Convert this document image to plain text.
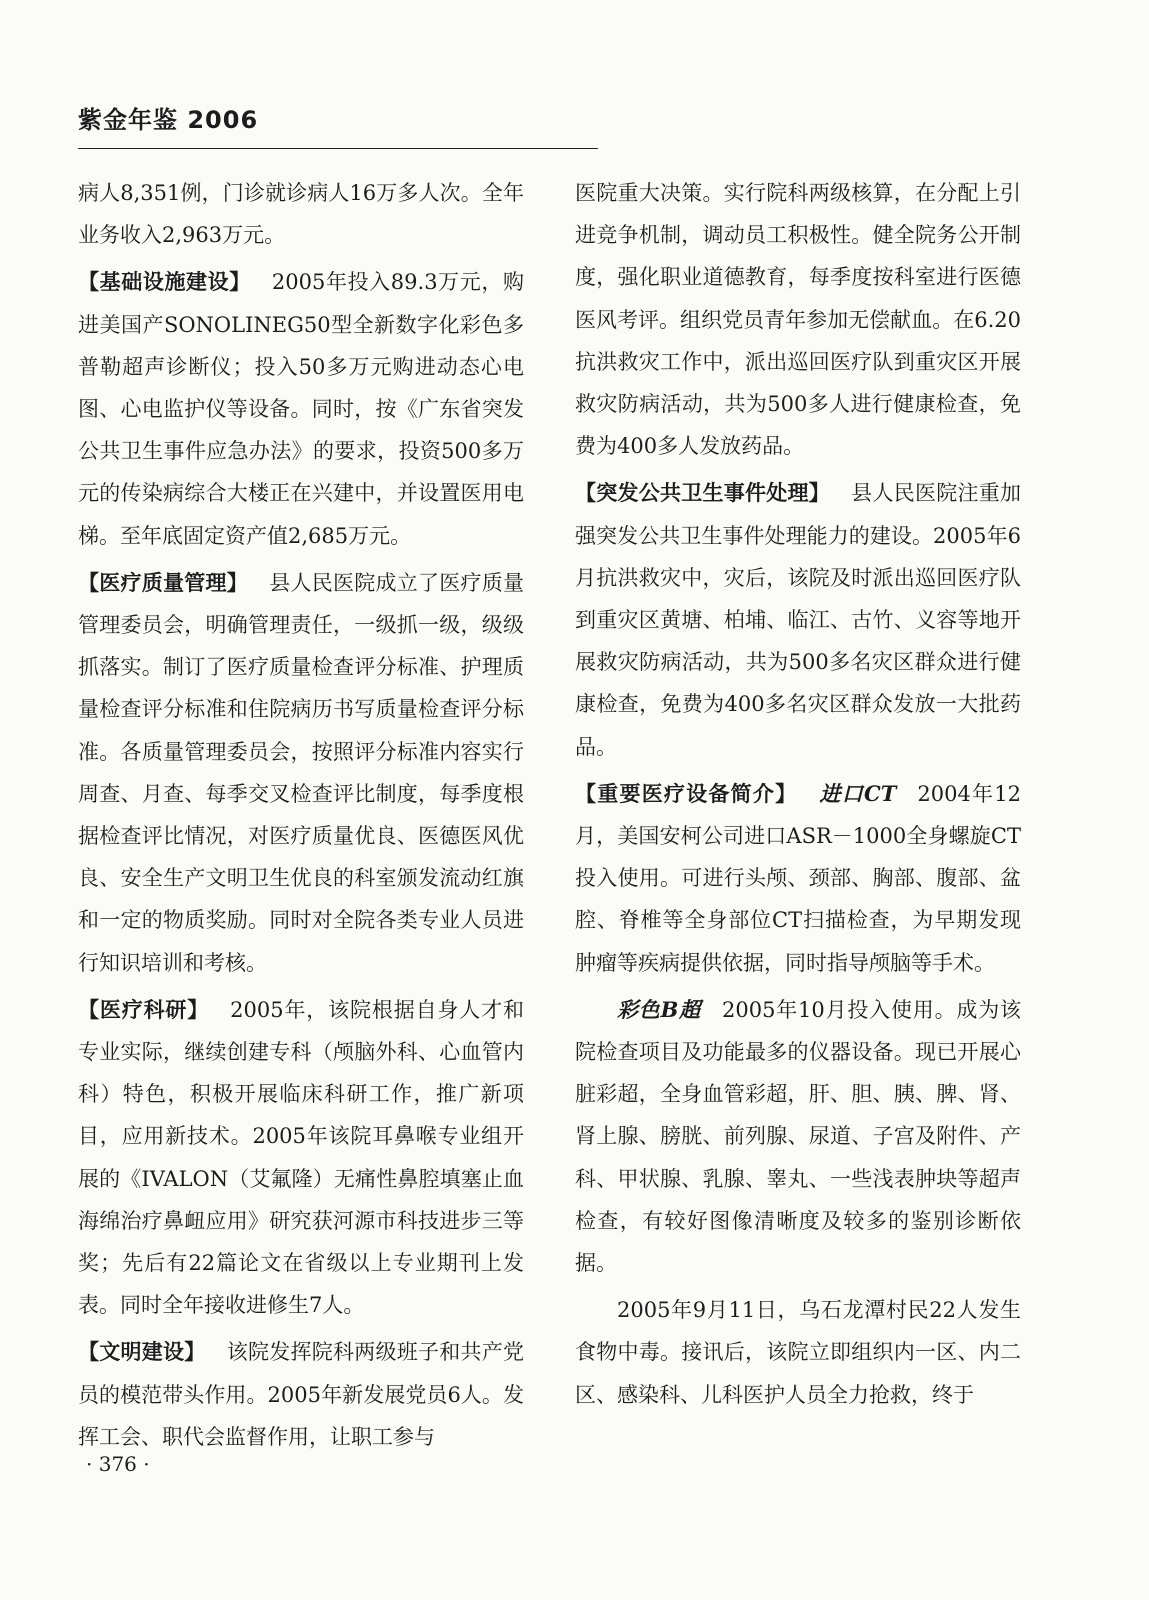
紫金年鉴 2006

病人8,351例，门诊就诊病人16万多人次。全年业务收入2,963万元。

【基础设施建设】  2005年投入89.3万元，购进美国产SONOLINEG50型全新数字化彩色多普勒超声诊断仪；投入50多万元购进动态心电图、心电监护仪等设备。同时，按《广东省突发公共卫生事件应急办法》的要求，投资500多万元的传染病综合大楼正在兴建中，并设置医用电梯。至年底固定资产值2,685万元。

【医疗质量管理】  县人民医院成立了医疗质量管理委员会，明确管理责任，一级抓一级，级级抓落实。制订了医疗质量检查评分标准、护理质量检查评分标准和住院病历书写质量检查评分标准。各质量管理委员会，按照评分标准内容实行周查、月查、每季交叉检查评比制度，每季度根据检查评比情况，对医疗质量优良、医德医风优良、安全生产文明卫生优良的科室颁发流动红旗和一定的物质奖励。同时对全院各类专业人员进行知识培训和考核。

【医疗科研】  2005年，该院根据自身人才和专业实际，继续创建专科（颅脑外科、心血管内科）特色，积极开展临床科研工作，推广新项目，应用新技术。2005年该院耳鼻喉专业组开展的《IVALON（艾氟隆）无痛性鼻腔填塞止血海绵治疗鼻衄应用》研究获河源市科技进步三等奖；先后有22篇论文在省级以上专业期刊上发表。同时全年接收进修生7人。

【文明建设】  该院发挥院科两级班子和共产党员的模范带头作用。2005年新发展党员6人。发挥工会、职代会监督作用，让职工参与

医院重大决策。实行院科两级核算，在分配上引进竞争机制，调动员工积极性。健全院务公开制度，强化职业道德教育，每季度按科室进行医德医风考评。组织党员青年参加无偿献血。在6.20抗洪救灾工作中，派出巡回医疗队到重灾区开展救灾防病活动，共为500多人进行健康检查，免费为400多人发放药品。

【突发公共卫生事件处理】  县人民医院注重加强突发公共卫生事件处理能力的建设。2005年6月抗洪救灾中，灾后，该院及时派出巡回医疗队到重灾区黄塘、柏埔、临江、古竹、义容等地开展救灾防病活动，共为500多名灾区群众进行健康检查，免费为400多名灾区群众发放一大批药品。

【重要医疗设备简介】  进口CT  2004年12月，美国安柯公司进口ASR－1000全身螺旋CT投入使用。可进行头颅、颈部、胸部、腹部、盆腔、脊椎等全身部位CT扫描检查，为早期发现肿瘤等疾病提供依据，同时指导颅脑等手术。

彩色B超  2005年10月投入使用。成为该院检查项目及功能最多的仪器设备。现已开展心脏彩超，全身血管彩超，肝、胆、胰、脾、肾、肾上腺、膀胱、前列腺、尿道、子宫及附件、产科、甲状腺、乳腺、睾丸、一些浅表肿块等超声检查，有较好图像清晰度及较多的鉴别诊断依据。

2005年9月11日，乌石龙潭村民22人发生食物中毒。接讯后，该院立即组织内一区、内二区、感染科、儿科医护人员全力抢救，终于

· 376 ·
